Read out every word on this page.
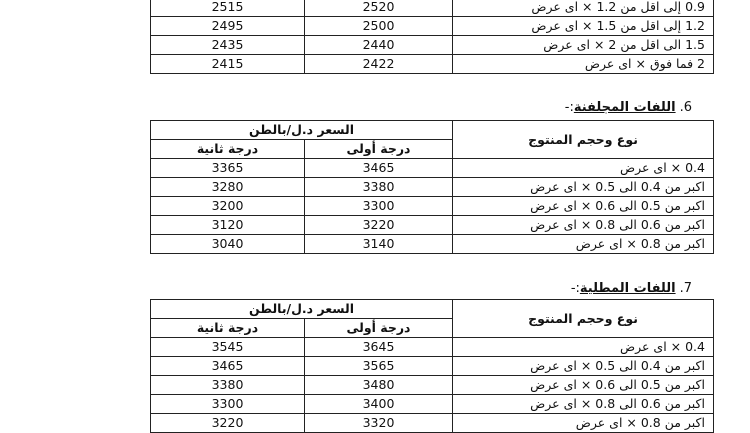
2515	2520	0.9 إلى اقل من 1.2 × اى عرض
2495	2500	1.2 إلى اقل من 1.5 × اى عرض
2435	2440	1.5 الى اقل من 2 × اى عرض
2415	2422	2 فما فوق × اى عرض
6.اللفات المجلفنة:-
السعر د.ل/بالطن		نوع وحجم المنتوج
درجة ثانية	درجة أولى	
3365	3465	0.4 × اى عرض
3280	3380	اكبر من 0.4 الى 0.5 × اى عرض
3200	3300	اكبر من 0.5 الى 0.6 × اى عرض
3120	3220	اكبر من 0.6 الى 0.8 × اى عرض
3040	3140	اكبر من 0.8 × اى عرض
7.اللفات المطلية:-
السعر د.ل/بالطن		نوع وحجم المنتوج
درجة ثانية	درجة أولى	
3545	3645	0.4 × اى عرض
3465	3565	اكبر من 0.4 الى 0.5 × اى عرض
3380	3480	اكبر من 0.5 الى 0.6 × اى عرض
3300	3400	اكبر من 0.6 الى 0.8 × اى عرض
3220	3320	اكبر من 0.8 × اى عرض
